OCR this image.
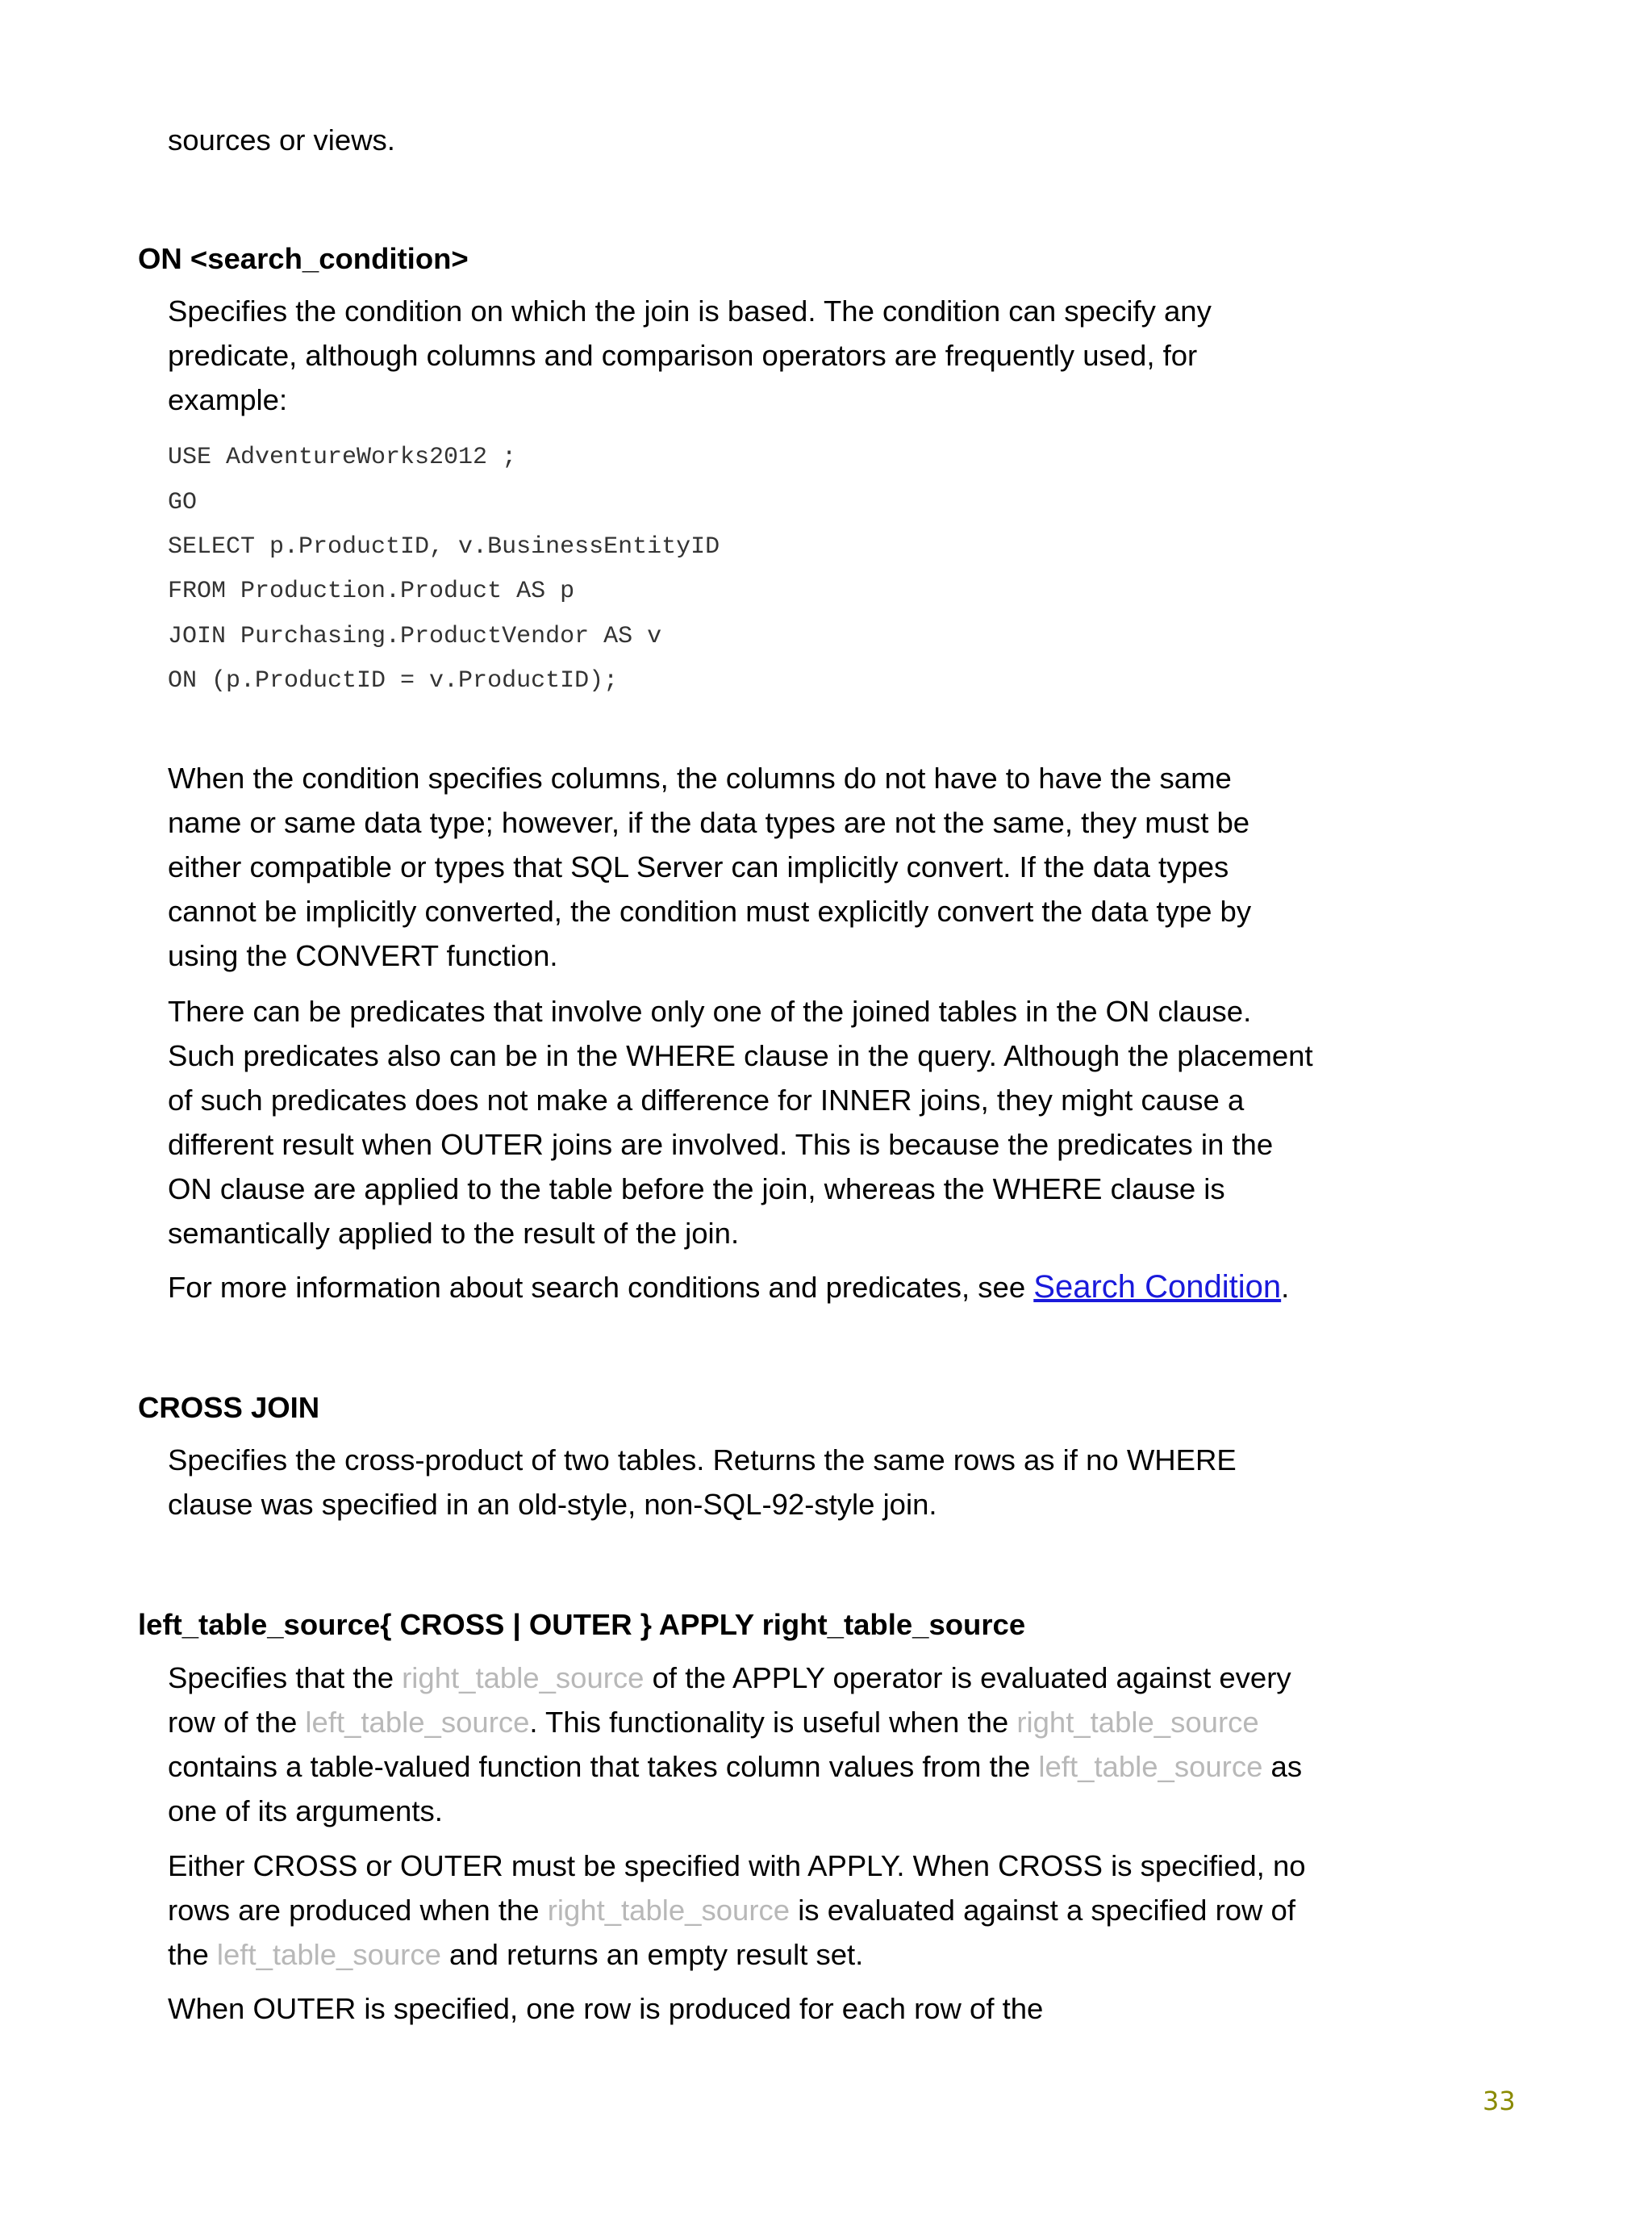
sources or views.

ON <search_condition>

Specifies the condition on which the join is based. The condition can specify any predicate, although columns and comparison operators are frequently used, for example:

USE AdventureWorks2012 ;
GO
SELECT p.ProductID, v.BusinessEntityID
FROM Production.Product AS p
JOIN Purchasing.ProductVendor AS v
ON (p.ProductID = v.ProductID);

When the condition specifies columns, the columns do not have to have the same name or same data type; however, if the data types are not the same, they must be either compatible or types that SQL Server can implicitly convert. If the data types cannot be implicitly converted, the condition must explicitly convert the data type by using the CONVERT function.

There can be predicates that involve only one of the joined tables in the ON clause. Such predicates also can be in the WHERE clause in the query. Although the placement of such predicates does not make a difference for INNER joins, they might cause a different result when OUTER joins are involved. This is because the predicates in the ON clause are applied to the table before the join, whereas the WHERE clause is semantically applied to the result of the join.

For more information about search conditions and predicates, see Search Condition.

CROSS JOIN

Specifies the cross-product of two tables. Returns the same rows as if no WHERE clause was specified in an old-style, non-SQL-92-style join.

left_table_source{ CROSS | OUTER } APPLY right_table_source

Specifies that the right_table_source of the APPLY operator is evaluated against every row of the left_table_source. This functionality is useful when the right_table_source contains a table-valued function that takes column values from the left_table_source as one of its arguments.

Either CROSS or OUTER must be specified with APPLY. When CROSS is specified, no rows are produced when the right_table_source is evaluated against a specified row of the left_table_source and returns an empty result set.

When OUTER is specified, one row is produced for each row of the

33
